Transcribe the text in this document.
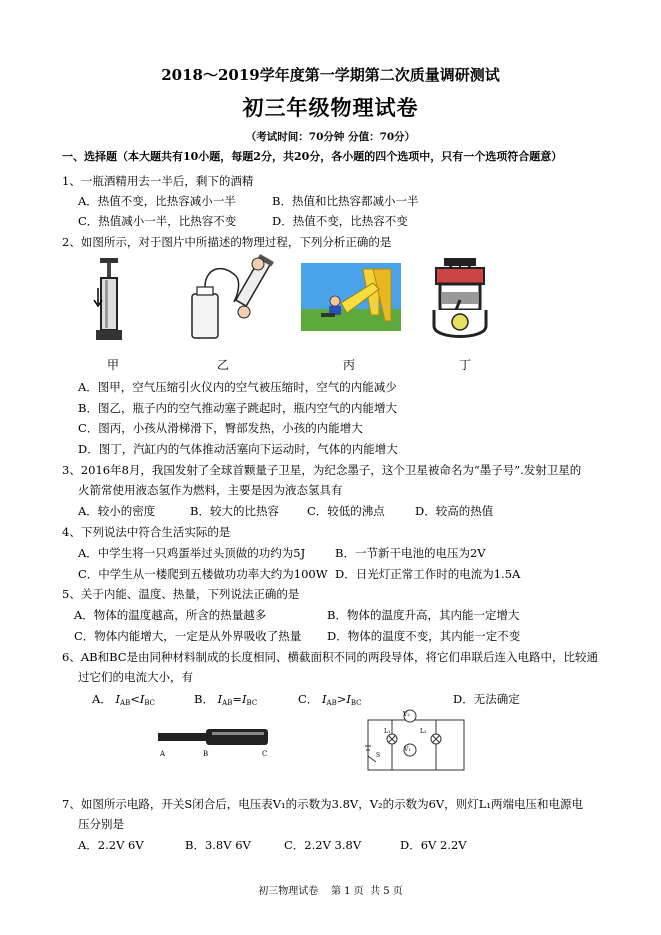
2018～2019学年度第一学期第二次质量调研测试
初三年级物理试卷
（考试时间：70分钟 分值：70分）
一、选择题（本大题共有10小题，每题2分，共20分，各小题的四个选项中，只有一个选项符合题意）
1、一瓶酒精用去一半后，剩下的酒精
A．热值不变，比热容减小一半	B．热值和比热容都减小一半
C．热值减小一半，比热容不变	D．热值不变，比热容不变
2、如图所示，对于图片中所描述的物理过程，下列分析正确的是
甲	乙	丙	丁
A．图甲，空气压缩引火仪内的空气被压缩时，空气的内能减少
B．图乙，瓶子内的空气推动塞子跳起时，瓶内空气的内能增大
C．图丙，小孩从滑梯滑下，臀部发热，小孩的内能增大
D．图丁，汽缸内的气体推动活塞向下运动时，气体的内能增大
3、2016年8月，我国发射了全球首颗量子卫星，为纪念墨子，这个卫星被命名为“墨子号”.发射卫星的
火箭常使用液态氢作为燃料，主要是因为液态氢具有
A．较小的密度	B．较大的比热容 C．较低的沸点	D．较高的热值
4、下列说法中符合生活实际的是
A．中学生将一只鸡蛋举过头顶做的功约为5J	B．一节新干电池的电压为2V
C．中学生从一楼爬到五楼做功功率大约为100W D．日光灯正常工作时的电流为1.5A
5、关于内能、温度、热量，下列说法正确的是
A．物体的温度越高，所含的热量越多	B．物体的温度升高，其内能一定增大
C．物体内能增大，一定是从外界吸收了热量 D．物体的温度不变，其内能一定不变
6、AB和BC是由同种材料制成的长度相同、横截面积不同的两段导体，将它们串联后连入电路中，比较通
过它们的电流大小，有
A． $I_{AB}<I_{BC}$	B． $I_{AB}=I_{BC}$	C． $I_{AB}>I_{BC}$	D．无法确定
A	B	C
V₂
V₁
L₁	L₂
S
7、如图所示电路，开关S闭合后，电压表V₁的示数为3.8V，V₂的示数为6V，则灯L₁两端电压和电源电
压分别是
A．2.2V 6V	B．3.8V 6V	C．2.2V 3.8V	D．6V 2.2V
初三物理试卷    第 1 页  共 5 页
